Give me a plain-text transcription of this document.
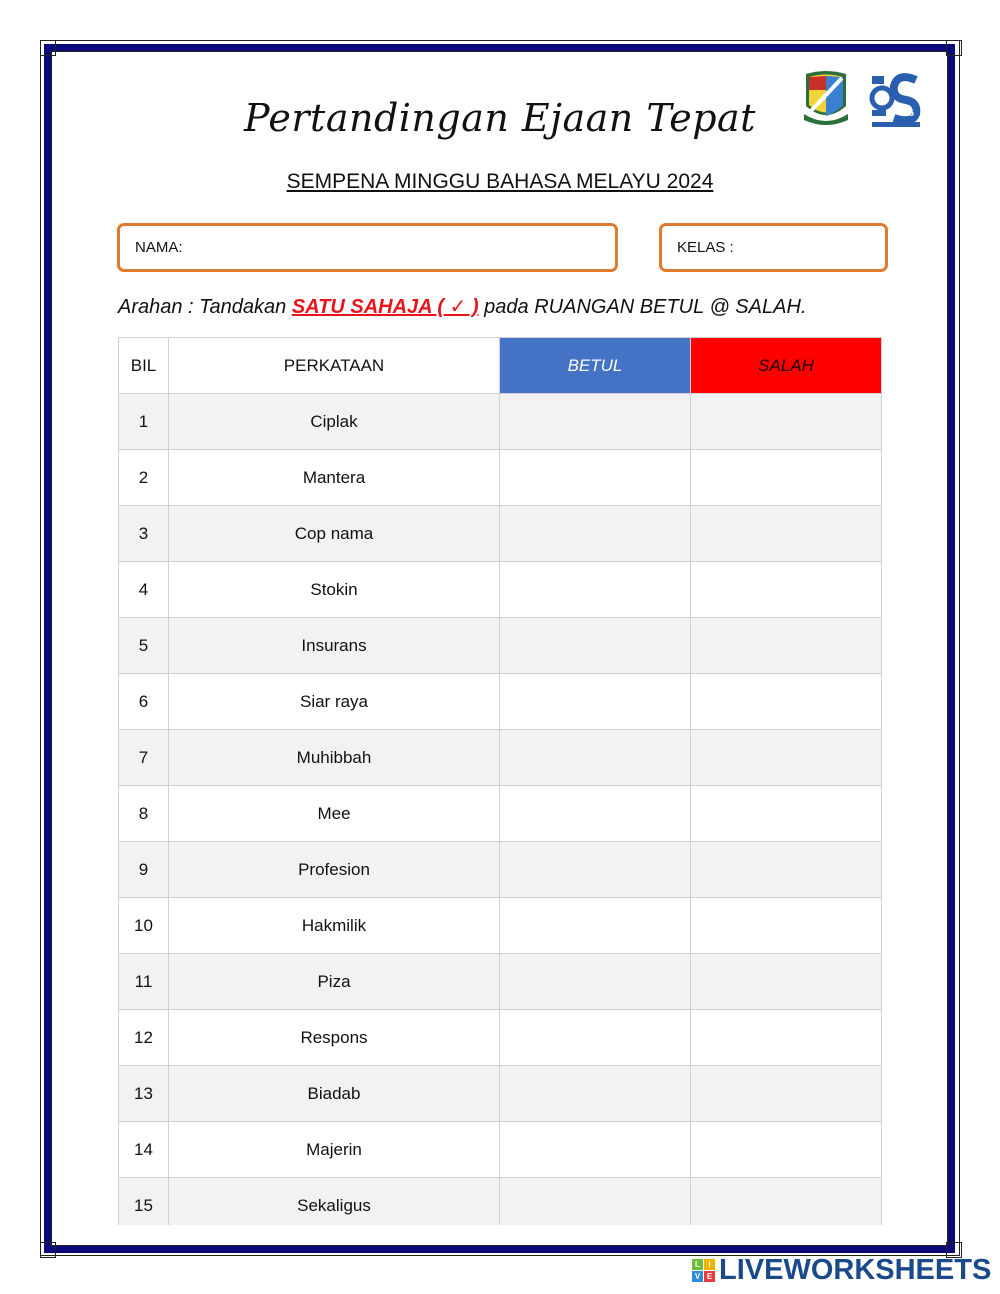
25
Pertandingan Ejaan Tepat
SEMPENA MINGGU BAHASA MELAYU 2024
NAMA:	KELAS :
Arahan : Tandakan SATU SAHAJA ( ✓ ) pada RUANGAN BETUL @ SALAH.
BIL	PERKATAAN	BETUL	SALAH
1	Ciplak		
2	Mantera		
3	Cop nama		
4	Stokin		
5	Insurans		
6	Siar raya		
7	Muhibbah		
8	Mee		
9	Profesion		
10	Hakmilik		
11	Piza		
12	Respons		
13	Biadab		
14	Majerin		
15	Sekaligus		
L	I
V E LIVEWORKSHEETS
